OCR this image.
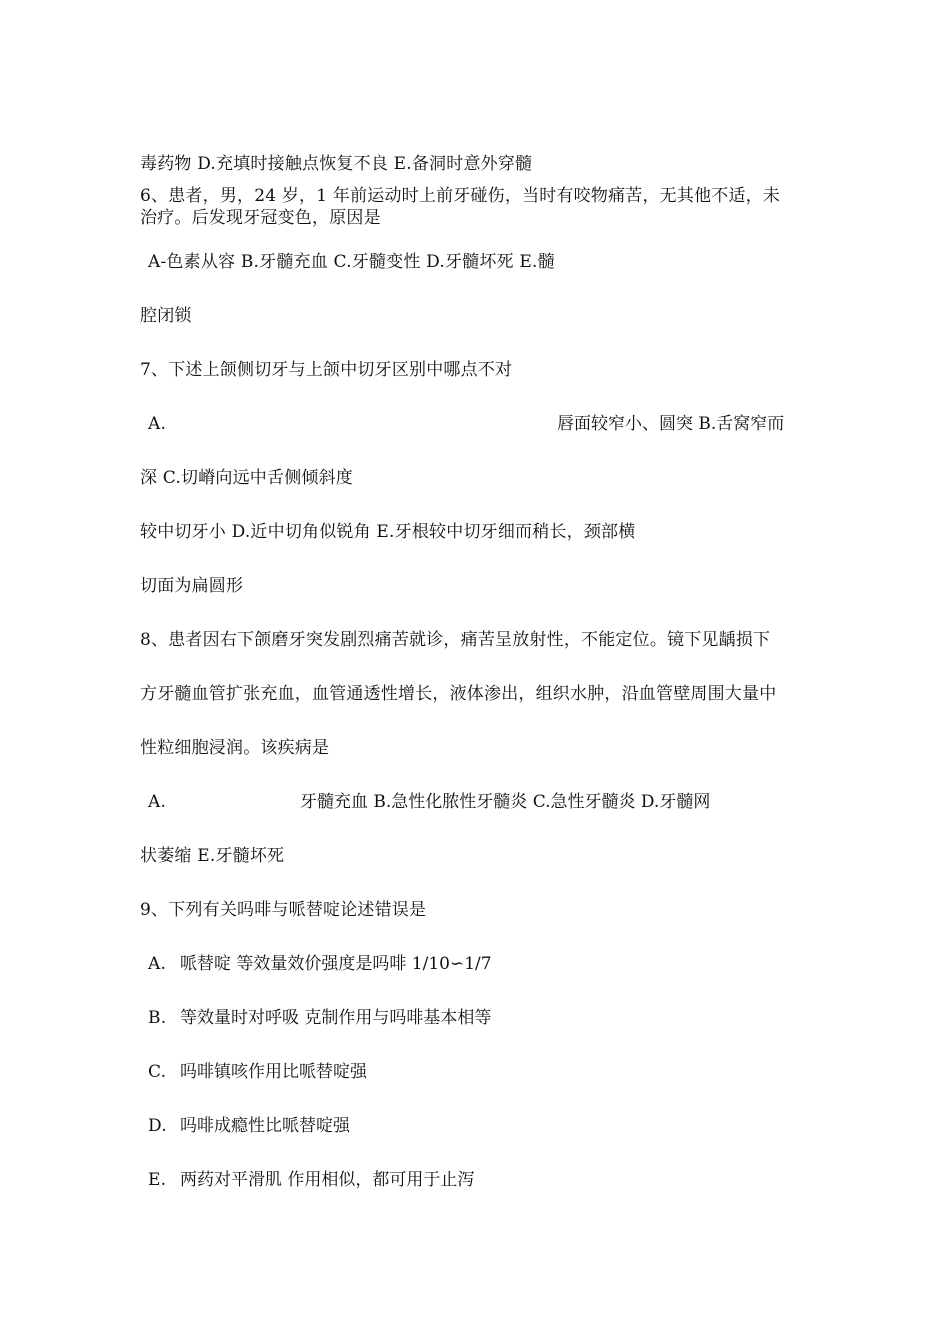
毒药物 D.充填时接触点恢复不良 E.备洞时意外穿髓
6、患者，男，24 岁，1 年前运动时上前牙碰伤，当时有咬物痛苦，无其他不适，未
治疗。后发现牙冠变色，原因是
A-色素从容 B.牙髓充血 C.牙髓变性 D.牙髓坏死 E.髓
腔闭锁
7、下述上颌侧切牙与上颌中切牙区别中哪点不对
A.	唇面较窄小、圆突 B.舌窝窄而
深 C.切嵴向远中舌侧倾斜度
较中切牙小 D.近中切角似锐角 E.牙根较中切牙细而稍长，颈部横
切面为扁圆形
8、患者因右下颌磨牙突发剧烈痛苦就诊，痛苦呈放射性，不能定位。镜下见龋损下
方牙髓血管扩张充血，血管通透性增长，液体渗出，组织水肿，沿血管壁周围大量中
性粒细胞浸润。该疾病是
A.	牙髓充血 B.急性化脓性牙髓炎 C.急性牙髓炎 D.牙髓网
状萎缩 E.牙髓坏死
9、下列有关吗啡与哌替啶论述错误是
A. 哌替啶 等效量效价强度是吗啡 1/10∽1/7
B. 等效量时对呼吸 克制作用与吗啡基本相等
C. 吗啡镇咳作用比哌替啶强
D. 吗啡成瘾性比哌替啶强
E. 两药对平滑肌 作用相似，都可用于止泻
